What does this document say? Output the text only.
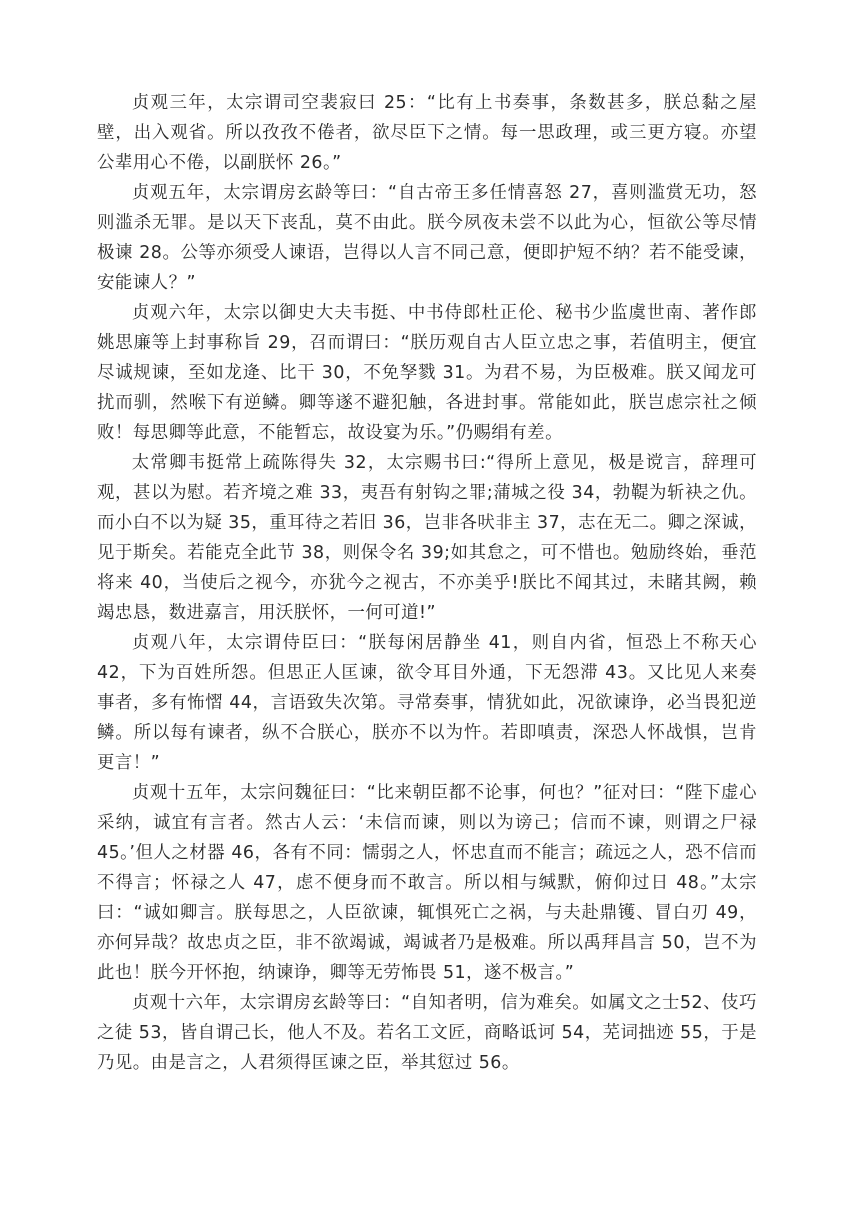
贞观三年，太宗谓司空裴寂曰 25：“比有上书奏事，条数甚多，朕总黏之屋壁，出入观省。所以孜孜不倦者，欲尽臣下之情。每一思政理，或三更方寝。亦望公辈用心不倦，以副朕怀 26。”

贞观五年，太宗谓房玄龄等曰：“自古帝王多任情喜怒 27，喜则滥赏无功，怒则滥杀无罪。是以天下丧乱，莫不由此。朕今夙夜未尝不以此为心，恒欲公等尽情极谏 28。公等亦须受人谏语，岂得以人言不同己意，便即护短不纳？若不能受谏，安能谏人？”

贞观六年，太宗以御史大夫韦挺、中书侍郎杜正伦、秘书少监虞世南、著作郎姚思廉等上封事称旨 29，召而谓曰：“朕历观自古人臣立忠之事，若值明主，便宜尽诚规谏，至如龙逄、比干 30，不免孥戮 31。为君不易，为臣极难。朕又闻龙可扰而驯，然喉下有逆鳞。卿等遂不避犯触，各进封事。常能如此，朕岂虑宗社之倾败！每思卿等此意，不能暂忘，故设宴为乐。”仍赐绢有差。

太常卿韦挺常上疏陈得失 32，太宗赐书曰:“得所上意见，极是谠言，辞理可观，甚以为慰。若齐境之难 33，夷吾有射钩之罪;蒲城之役 34，勃鞮为斩袂之仇。而小白不以为疑 35，重耳待之若旧 36，岂非各吠非主 37，志在无二。卿之深诚，见于斯矣。若能克全此节 38，则保令名 39;如其怠之，可不惜也。勉励终始，垂范将来 40，当使后之视今，亦犹今之视古，不亦美乎!朕比不闻其过，未睹其阙，赖竭忠恳，数进嘉言，用沃朕怀，一何可道!”

贞观八年，太宗谓侍臣曰：“朕每闲居静坐 41，则自内省，恒恐上不称天心 42，下为百姓所怨。但思正人匡谏，欲令耳目外通，下无怨滞 43。又比见人来奏事者，多有怖慴 44，言语致失次第。寻常奏事，情犹如此，况欲谏诤，必当畏犯逆鳞。所以每有谏者，纵不合朕心，朕亦不以为忤。若即嗔责，深恐人怀战惧，岂肯更言！”

贞观十五年，太宗问魏征曰：“比来朝臣都不论事，何也？”征对曰：“陛下虚心采纳，诚宜有言者。然古人云：‘未信而谏，则以为谤己；信而不谏，则谓之尸禄 45。’但人之材器 46，各有不同：懦弱之人，怀忠直而不能言；疏远之人，恐不信而不得言；怀禄之人 47，虑不便身而不敢言。所以相与缄默，俯仰过日 48。”太宗曰：“诚如卿言。朕每思之，人臣欲谏，辄惧死亡之祸，与夫赴鼎镬、冒白刃 49，亦何异哉？故忠贞之臣，非不欲竭诚，竭诚者乃是极难。所以禹拜昌言 50，岂不为此也！朕今开怀抱，纳谏诤，卿等无劳怖畏 51，遂不极言。”

贞观十六年，太宗谓房玄龄等曰：“自知者明，信为难矣。如属文之士52、伎巧之徒 53，皆自谓己长，他人不及。若名工文匠，商略诋诃 54，芜词拙迹 55，于是乃见。由是言之，人君须得匡谏之臣，举其愆过 56。
